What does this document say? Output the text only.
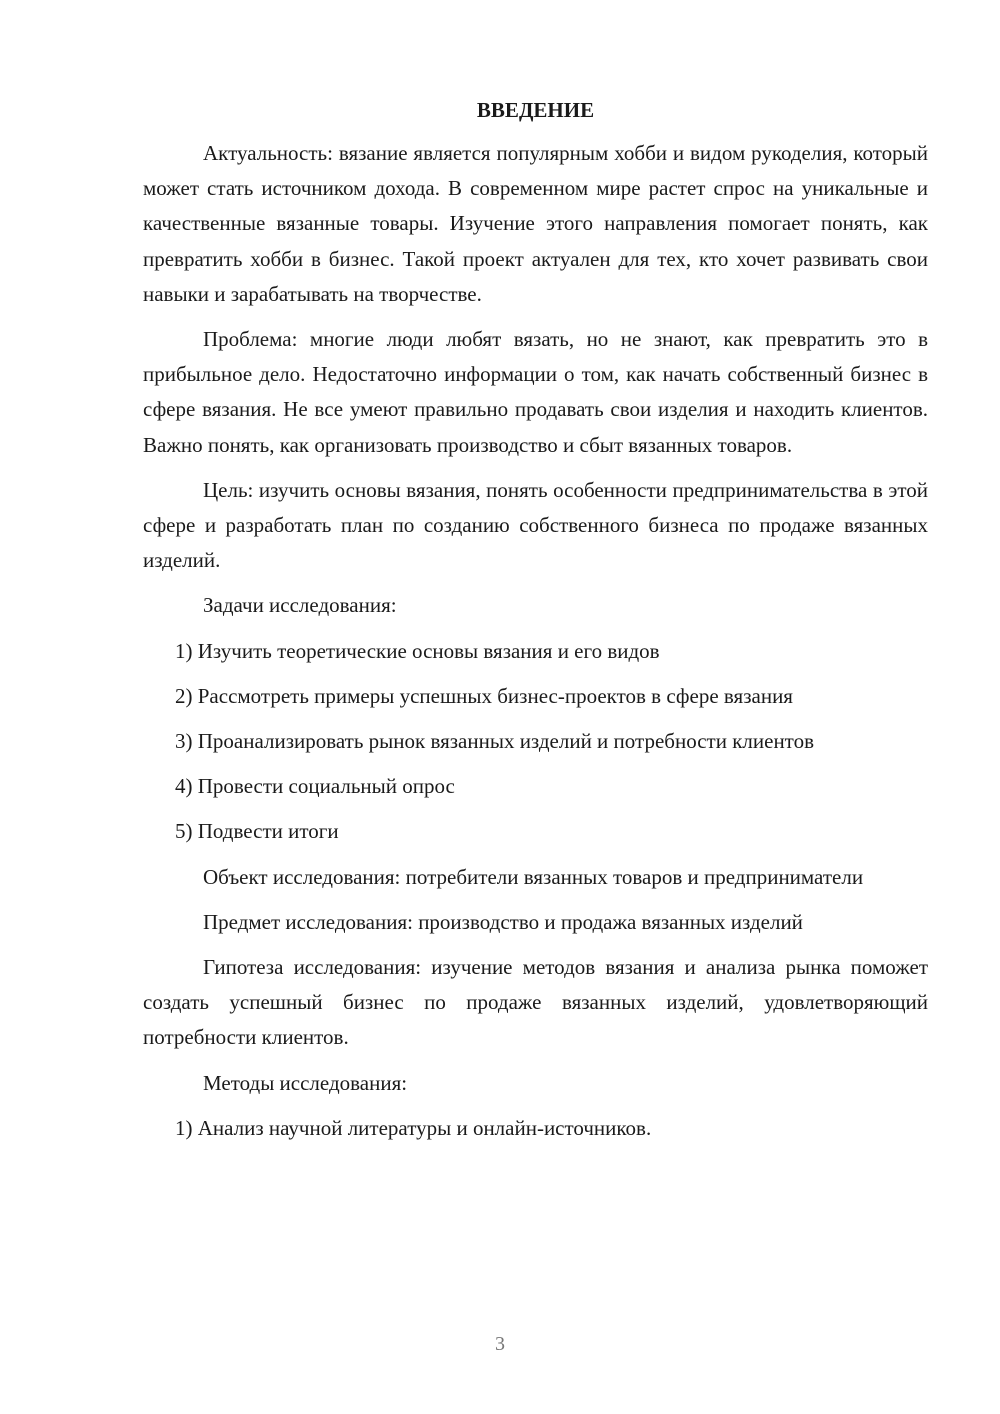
ВВЕДЕНИЕ

Актуальность: вязание является популярным хобби и видом рукоделия, который может стать источником дохода. В современном мире растет спрос на уникальные и качественные вязанные товары. Изучение этого направления помогает понять, как превратить хобби в бизнес. Такой проект актуален для тех, кто хочет развивать свои навыки и зарабатывать на творчестве.

Проблема: многие люди любят вязать, но не знают, как превратить это в прибыльное дело. Недостаточно информации о том, как начать собственный бизнес в сфере вязания. Не все умеют правильно продавать свои изделия и находить клиентов. Важно понять, как организовать производство и сбыт вязанных товаров.

Цель: изучить основы вязания, понять особенности предпринимательства в этой сфере и разработать план по созданию собственного бизнеса по продаже вязанных изделий.

Задачи исследования:

1) Изучить теоретические основы вязания и его видов

2) Рассмотреть примеры успешных бизнес-проектов в сфере вязания

3) Проанализировать рынок вязанных изделий и потребности клиентов

4) Провести социальный опрос

5) Подвести итоги

Объект исследования: потребители вязанных товаров и предприниматели

Предмет исследования: производство и продажа вязанных изделий

Гипотеза исследования: изучение методов вязания и анализа рынка поможет создать успешный бизнес по продаже вязанных изделий, удовлетворяющий потребности клиентов.

Методы исследования:

1) Анализ научной литературы и онлайн-источников.

3
